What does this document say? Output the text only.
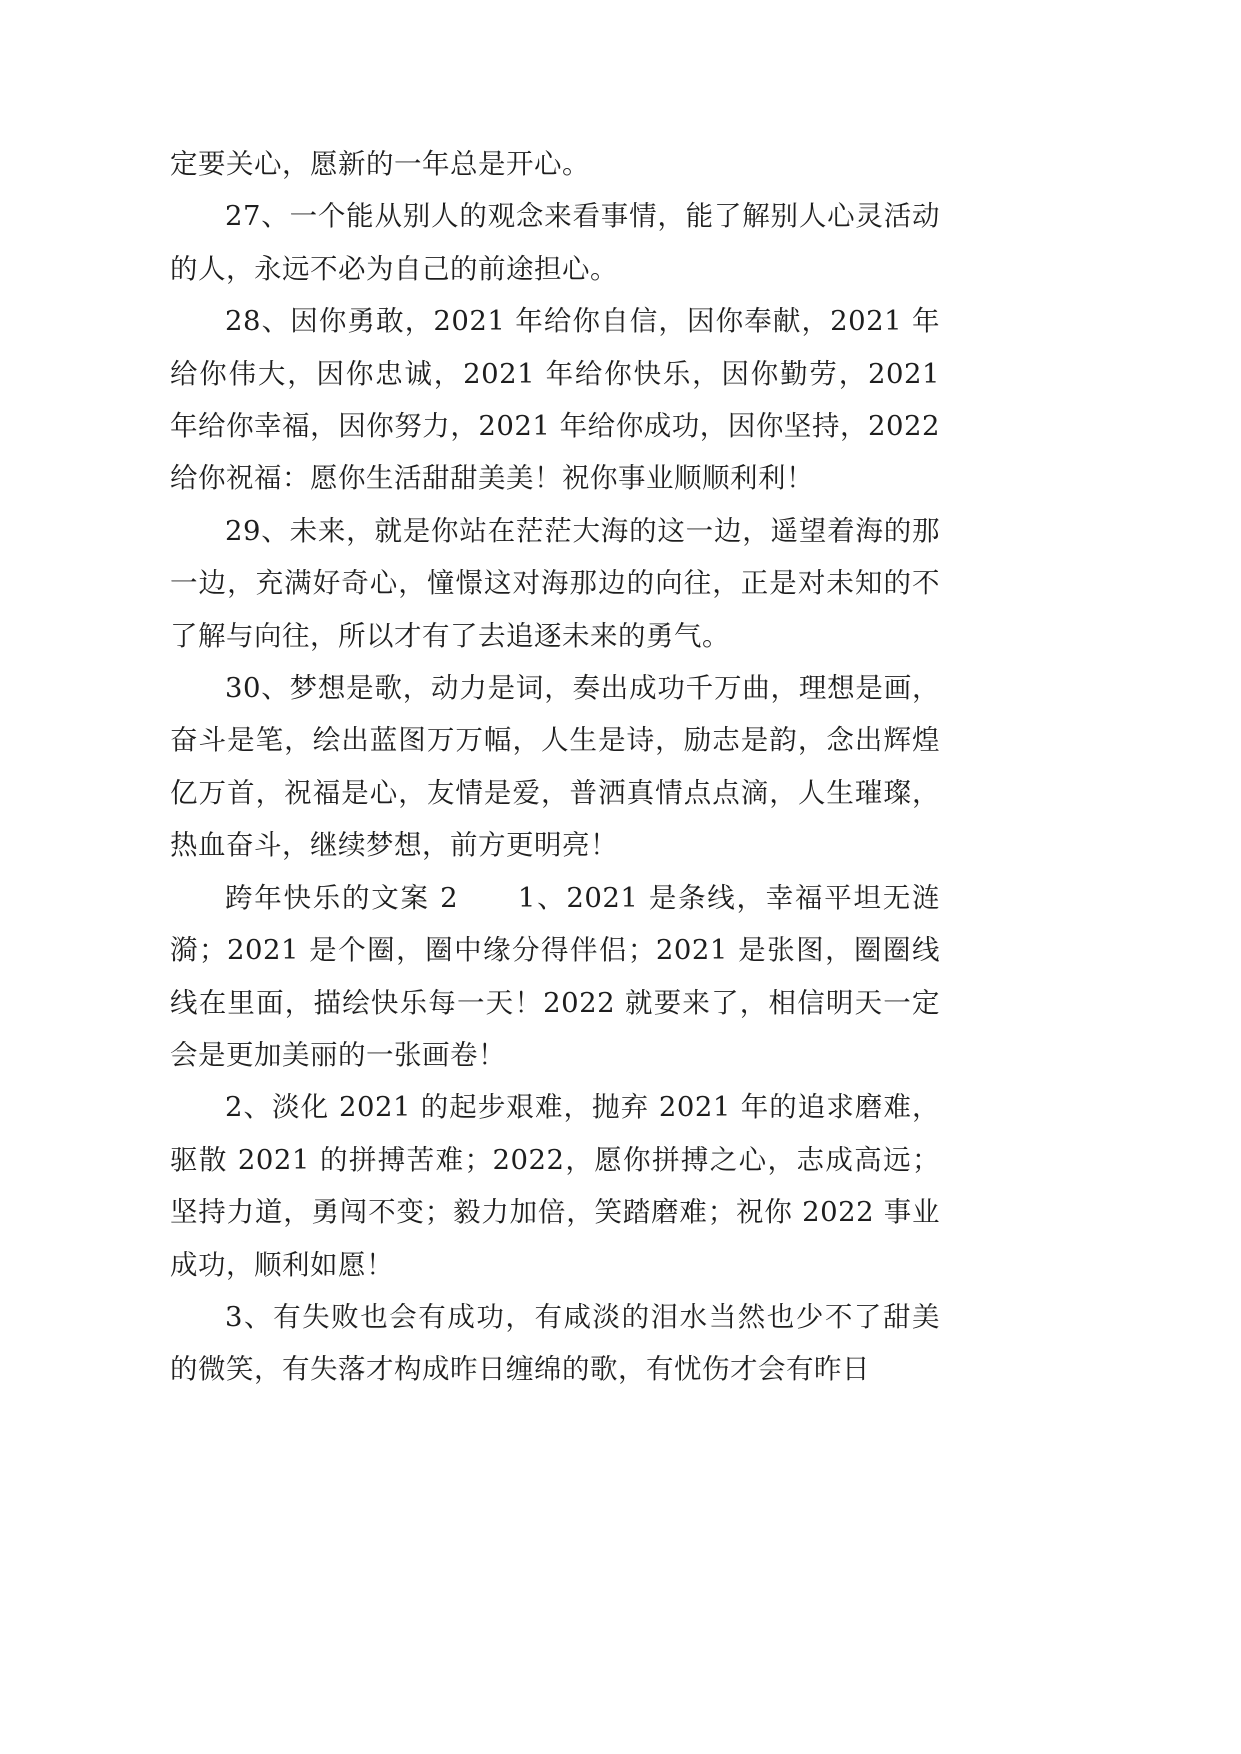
定要关心，愿新的一年总是开心。

27、一个能从别人的观念来看事情，能了解别人心灵活动的人，永远不必为自己的前途担心。

28、因你勇敢，2021 年给你自信，因你奉献，2021 年给你伟大，因你忠诚，2021 年给你快乐，因你勤劳，2021 年给你幸福，因你努力，2021 年给你成功，因你坚持，2022 给你祝福：愿你生活甜甜美美！祝你事业顺顺利利！

29、未来，就是你站在茫茫大海的这一边，遥望着海的那一边，充满好奇心，憧憬这对海那边的向往，正是对未知的不了解与向往，所以才有了去追逐未来的勇气。

30、梦想是歌，动力是词，奏出成功千万曲，理想是画，奋斗是笔，绘出蓝图万万幅，人生是诗，励志是韵，念出辉煌亿万首，祝福是心，友情是爱，普洒真情点点滴，人生璀璨，热血奋斗，继续梦想，前方更明亮！

跨年快乐的文案 2　　1、2021 是条线，幸福平坦无涟漪；2021 是个圈，圈中缘分得伴侣；2021 是张图，圈圈线线在里面，描绘快乐每一天！2022 就要来了，相信明天一定会是更加美丽的一张画卷！

2、淡化 2021 的起步艰难，抛弃 2021 年的追求磨难，驱散 2021 的拼搏苦难；2022，愿你拼搏之心，志成高远；坚持力道，勇闯不变；毅力加倍，笑踏磨难；祝你 2022 事业成功，顺利如愿！

3、有失败也会有成功，有咸淡的泪水当然也少不了甜美的微笑，有失落才构成昨日缠绵的歌，有忧伤才会有昨日
